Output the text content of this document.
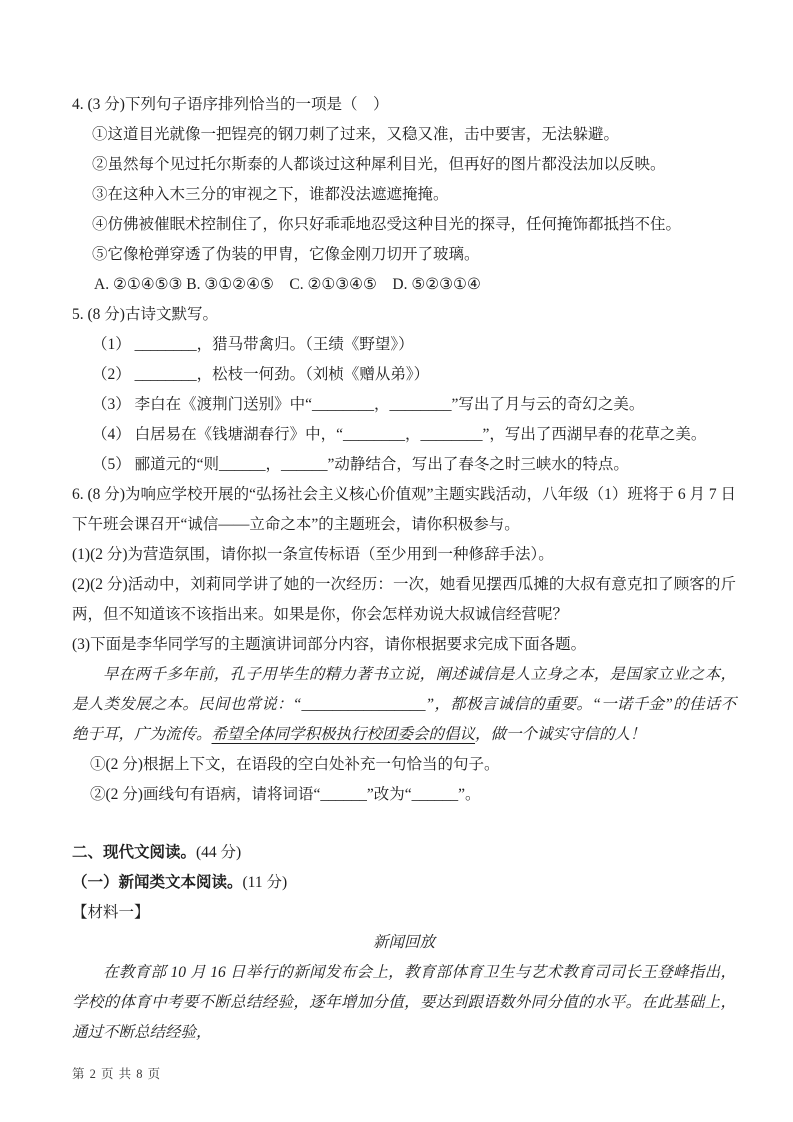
4. (3 分)下列句子语序排列恰当的一项是（　）

①这道目光就像一把锃亮的钢刀刺了过来，又稳又准，击中要害，无法躲避。

②虽然每个见过托尔斯泰的人都谈过这种犀利目光，但再好的图片都没法加以反映。

③在这种入木三分的审视之下，谁都没法遮遮掩掩。

④仿佛被催眠术控制住了，你只好乖乖地忍受这种目光的探寻，任何掩饰都抵挡不住。

⑤它像枪弹穿透了伪装的甲胄，它像金刚刀切开了玻璃。

A. ②①④⑤③ B. ③①②④⑤    C. ②①③④⑤    D. ⑤②③①④

5. (8 分)古诗文默写。

（1） ________，猎马带禽归。（王绩《野望》）

（2） ________，松枝一何劲。（刘桢《赠从弟》）

（3） 李白在《渡荆门送别》中“________，________”写出了月与云的奇幻之美。

（4） 白居易在《钱塘湖春行》中，“________，________”，写出了西湖早春的花草之美。

（5） 郦道元的“则______，______”动静结合，写出了春冬之时三峡水的特点。

6. (8 分)为响应学校开展的“弘扬社会主义核心价值观”主题实践活动，八年级（1）班将于 6 月 7 日下午班会课召开“诚信——立命之本”的主题班会，请你积极参与。

(1)(2 分)为营造氛围，请你拟一条宣传标语（至少用到一种修辞手法）。

(2)(2 分)活动中，刘莉同学讲了她的一次经历：一次，她看见摆西瓜摊的大叔有意克扣了顾客的斤两，但不知道该不该指出来。如果是你，你会怎样劝说大叔诚信经营呢？

(3)下面是李华同学写的主题演讲词部分内容，请你根据要求完成下面各题。

早在两千多年前，孔子用毕生的精力著书立说，阐述诚信是人立身之本，是国家立业之本，是人类发展之本。民间也常说：“________________”，都极言诚信的重要。“一诺千金”的佳话不绝于耳，广为流传。希望全体同学积极执行校团委会的倡议，做一个诚实守信的人！

①(2 分)根据上下文，在语段的空白处补充一句恰当的句子。

②(2 分)画线句有语病，请将词语“______”改为“______”。

二、现代文阅读。(44 分)

（一）新闻类文本阅读。(11 分)

【材料一】

新闻回放

在教育部 10 月 16 日举行的新闻发布会上，教育部体育卫生与艺术教育司司长王登峰指出，学校的体育中考要不断总结经验，逐年增加分值，要达到跟语数外同分值的水平。在此基础上，通过不断总结经验，

第 2 页 共 8 页
